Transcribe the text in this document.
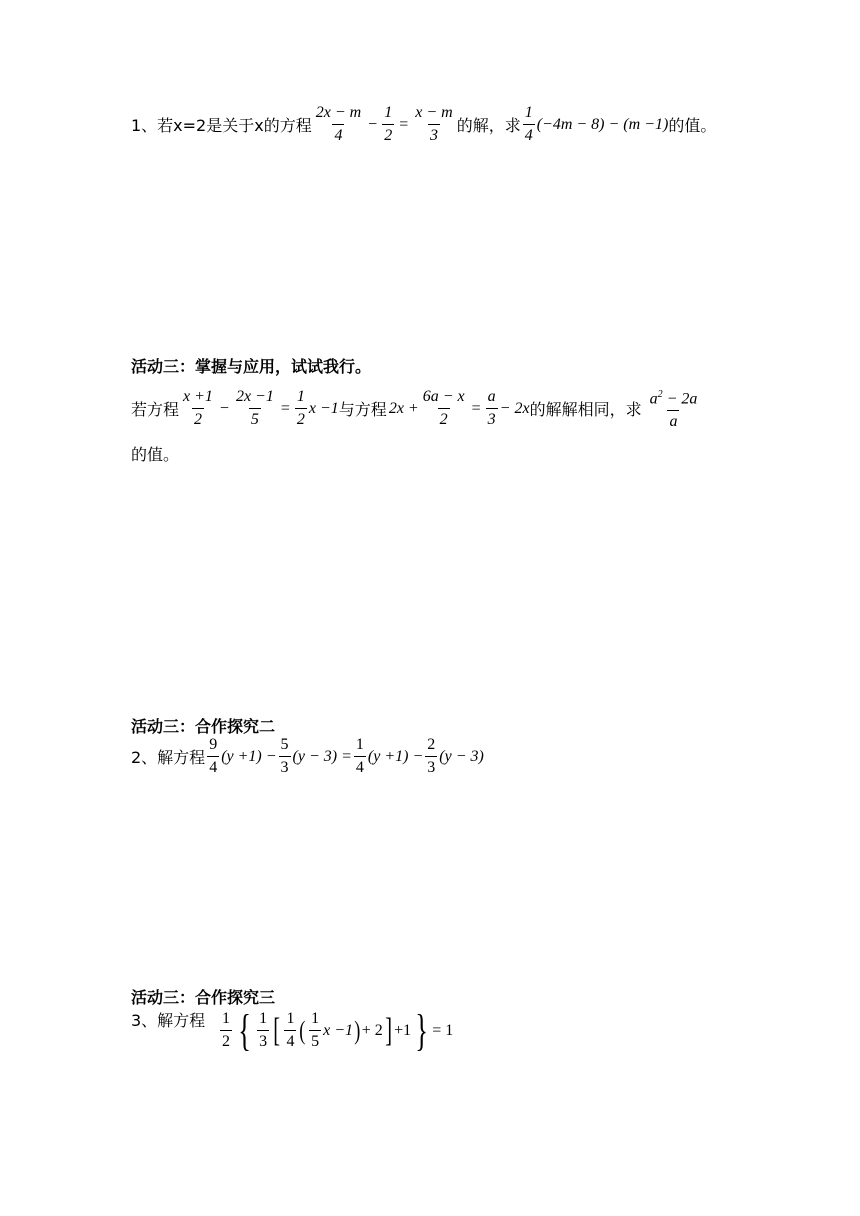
1、若x=2是关于x的方程 $\frac{2x - m}{4} - \frac{1}{2} = \frac{x - m}{3}$ 的解，求 $\frac{1}{4} (-4m - 8) - (m -1)$ 的值。
活动三：掌握与应用，试试我行。
若方程 $\frac{x +1}{2} - \frac{2x -1}{5} = \frac{1}{2}$ x −1 与方程 $2x + \frac{6a - x}{2} = \frac{a}{3} - 2x$ 的解解相同，求 $\frac{a^2 - 2a}{a}$
的值。
活动三：合作探究二
2、解方程 $\frac{9}{4} (y +1) - \frac{5}{3} (y - 3) = \frac{1}{4} (y +1) - \frac{2}{3} (y - 3)$
活动三：合作探究三
3、解方程 $\frac{1}{2}$ { $\frac{1}{3}$ [ $\frac{1}{4}$ ( $\frac{1}{5}$ x −1 ) + 2 ] +1 } = 1
